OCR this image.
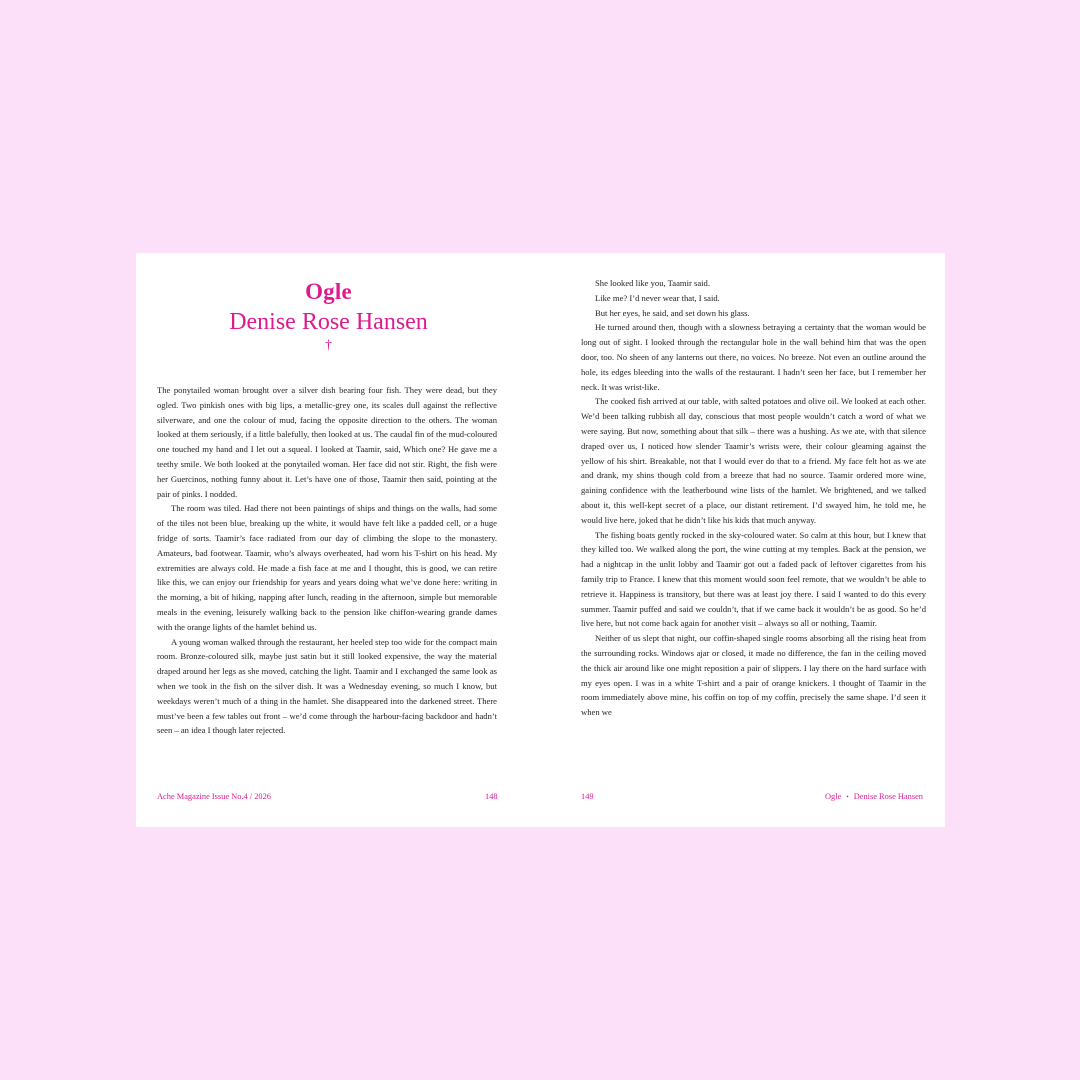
Ogle
Denise Rose Hansen
†

The ponytailed woman brought over a silver dish bearing four fish. They were dead, but they ogled. Two pinkish ones with big lips, a metallic-grey one, its scales dull against the reflective silverware, and one the colour of mud, facing the opposite direction to the others. The woman looked at them seriously, if a little balefully, then looked at us. The caudal fin of the mud-coloured one touched my hand and I let out a squeal. I looked at Taamir, said, Which one? He gave me a teethy smile. We both looked at the ponytailed woman. Her face did not stir. Right, the fish were her Guercinos, nothing funny about it. Let’s have one of those, Taamir then said, pointing at the pair of pinks. I nodded.

The room was tiled. Had there not been paintings of ships and things on the walls, had some of the tiles not been blue, breaking up the white, it would have felt like a padded cell, or a huge fridge of sorts. Taamir’s face radiated from our day of climbing the slope to the monastery. Amateurs, bad footwear. Taamir, who’s always overheated, had worn his T-shirt on his head. My extremities are always cold. He made a fish face at me and I thought, this is good, we can retire like this, we can enjoy our friendship for years and years doing what we’ve done here: writing in the morning, a bit of hiking, napping after lunch, reading in the afternoon, simple but memorable meals in the evening, leisurely walking back to the pension like chiffon-wearing grande dames with the orange lights of the hamlet behind us.

A young woman walked through the restaurant, her heeled step too wide for the compact main room. Bronze-coloured silk, maybe just satin but it still looked expensive, the way the material draped around her legs as she moved, catching the light. Taamir and I exchanged the same look as when we took in the fish on the silver dish. It was a Wednesday evening, so much I know, but weekdays weren’t much of a thing in the hamlet. She disappeared into the darkened street. There must’ve been a few tables out front – we’d come through the harbour-facing backdoor and hadn’t seen – an idea I though later rejected.

Ache Magazine Issue No.4 / 2026	148

She looked like you, Taamir said.

Like me? I’d never wear that, I said.

But her eyes, he said, and set down his glass.

He turned around then, though with a slowness betraying a certainty that the woman would be long out of sight. I looked through the rectangular hole in the wall behind him that was the open door, too. No sheen of any lanterns out there, no voices. No breeze. Not even an outline around the hole, its edges bleeding into the walls of the restaurant. I hadn’t seen her face, but I remember her neck. It was wrist-like.

The cooked fish arrived at our table, with salted potatoes and olive oil. We looked at each other. We’d been talking rubbish all day, conscious that most people wouldn’t catch a word of what we were saying. But now, something about that silk – there was a hushing. As we ate, with that silence draped over us, I noticed how slender Taamir’s wrists were, their colour gleaming against the yellow of his shirt. Breakable, not that I would ever do that to a friend. My face felt hot as we ate and drank, my shins though cold from a breeze that had no source. Taamir ordered more wine, gaining confidence with the leatherbound wine lists of the hamlet. We brightened, and we talked about it, this well-kept secret of a place, our distant retirement. I’d swayed him, he told me, he would live here, joked that he didn’t like his kids that much anyway.

The fishing boats gently rocked in the sky-coloured water. So calm at this hour, but I knew that they killed too. We walked along the port, the wine cutting at my temples. Back at the pension, we had a nightcap in the unlit lobby and Taamir got out a faded pack of leftover cigarettes from his family trip to France. I knew that this moment would soon feel remote, that we wouldn’t be able to retrieve it. Happiness is transitory, but there was at least joy there. I said I wanted to do this every summer. Taamir puffed and said we couldn’t, that if we came back it wouldn’t be as good. So he’d live here, but not come back again for another visit – always so all or nothing, Taamir.

Neither of us slept that night, our coffin-shaped single rooms absorbing all the rising heat from the surrounding rocks. Windows ajar or closed, it made no difference, the fan in the ceiling moved the thick air around like one might reposition a pair of slippers. I lay there on the hard surface with my eyes open. I was in a white T-shirt and a pair of orange knickers. I thought of Taamir in the room immediately above mine, his coffin on top of my coffin, precisely the same shape. I’d seen it when we

149	Ogle • Denise Rose Hansen
